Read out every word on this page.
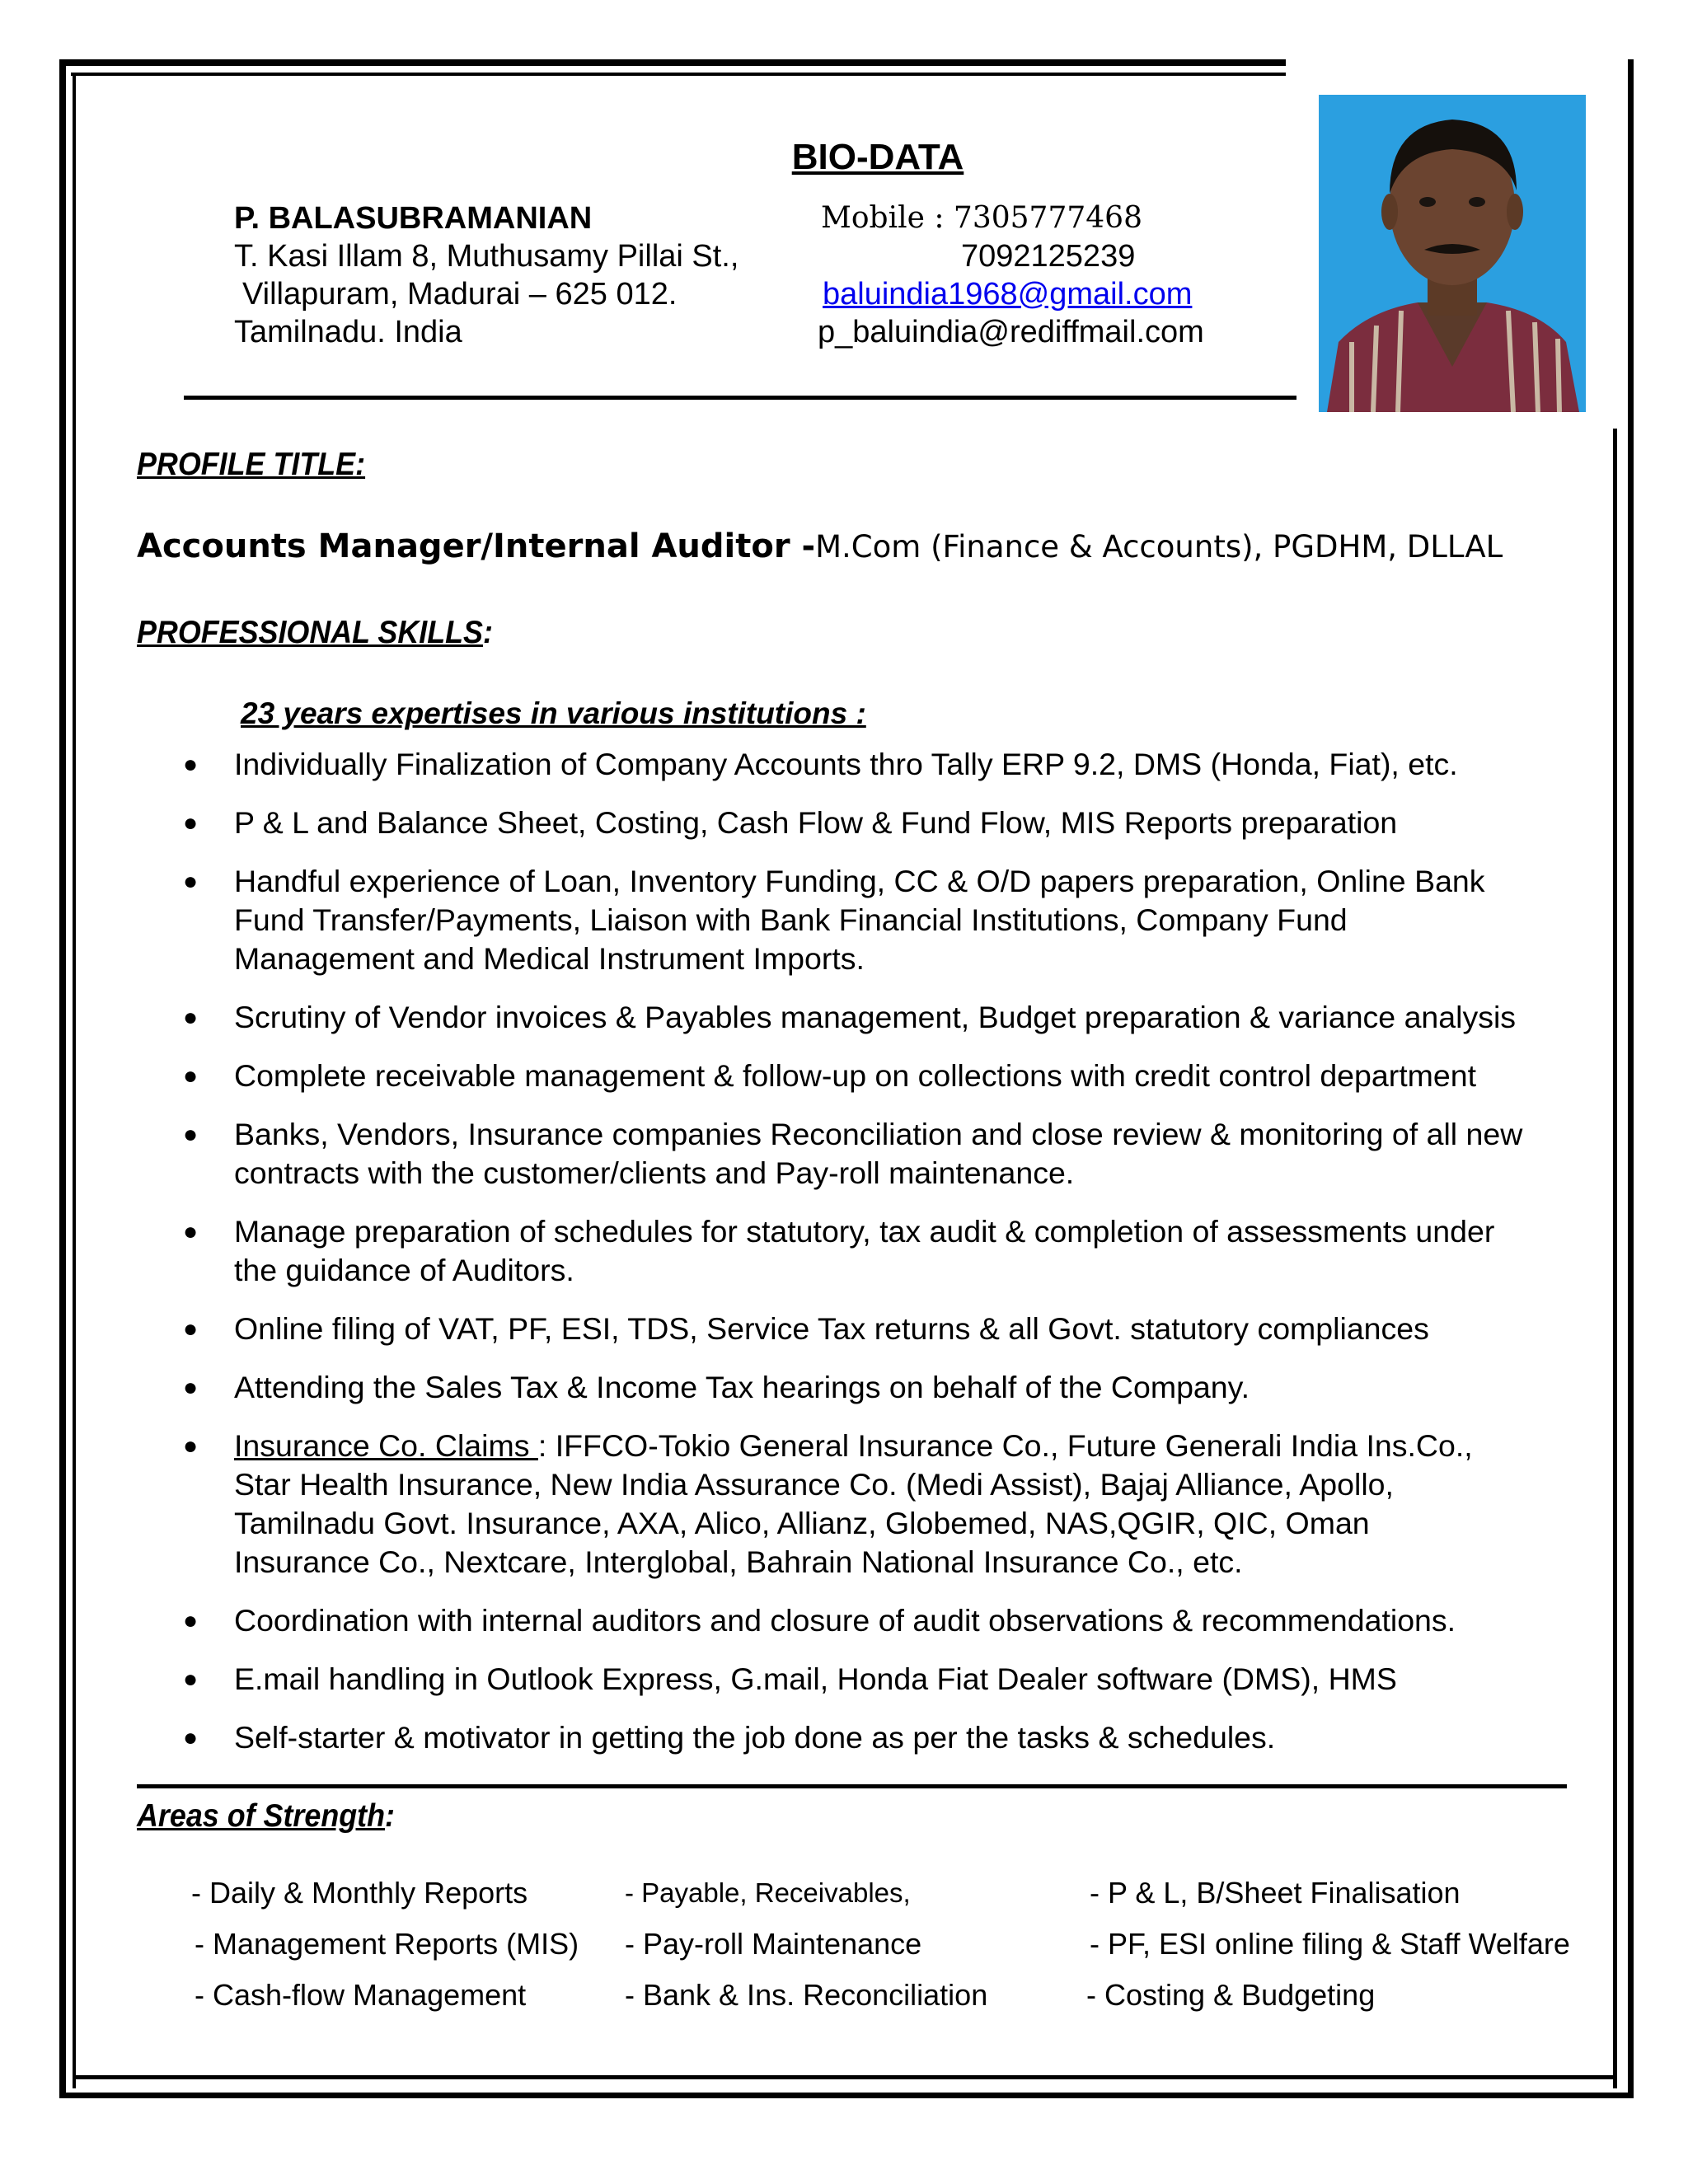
BIO-DATA
P. BALASUBRAMANIAN
T. Kasi Illam 8, Muthusamy Pillai St.,
Villapuram, Madurai – 625 012.
Tamilnadu. India
Mobile : 7305777468
7092125239
baluindia1968@gmail.com
p_baluindia@rediffmail.com
PROFILE TITLE:
Accounts Manager/Internal Auditor -M.Com (Finance & Accounts), PGDHM, DLLAL
PROFESSIONAL SKILLS:
23 years expertises in various institutions :
● Individually Finalization of Company Accounts thro Tally ERP 9.2, DMS (Honda, Fiat), etc.
● P & L and Balance Sheet, Costing, Cash Flow & Fund Flow, MIS Reports preparation
● Handful experience of Loan, Inventory Funding, CC & O/D papers preparation, Online Bank Fund Transfer/Payments, Liaison with Bank Financial Institutions, Company Fund Management and Medical Instrument Imports.
● Scrutiny of Vendor invoices & Payables management, Budget preparation & variance analysis
● Complete receivable management & follow-up on collections with credit control department
● Banks, Vendors, Insurance companies Reconciliation and close review & monitoring of all new contracts with the customer/clients and Pay-roll maintenance.
● Manage preparation of schedules for statutory, tax audit & completion of assessments under the guidance of Auditors.
● Online filing of VAT, PF, ESI, TDS, Service Tax returns & all Govt. statutory compliances
● Attending the Sales Tax & Income Tax hearings on behalf of the Company.
● Insurance Co. Claims : IFFCO-Tokio General Insurance Co., Future Generali India Ins.Co., Star Health Insurance, New India Assurance Co. (Medi Assist), Bajaj Alliance, Apollo, Tamilnadu Govt. Insurance, AXA, Alico, Allianz, Globemed, NAS,QGIR, QIC, Oman Insurance Co., Nextcare, Interglobal, Bahrain National Insurance Co., etc.
● Coordination with internal auditors and closure of audit observations & recommendations.
● E.mail handling in Outlook Express, G.mail, Honda Fiat Dealer software (DMS), HMS
● Self-starter & motivator in getting the job done as per the tasks & schedules.
Areas of Strength:
- Daily & Monthly Reports
- Management Reports (MIS)
- Cash-flow Management
- Payable, Receivables,
- Pay-roll Maintenance
- Bank & Ins. Reconciliation
- P & L, B/Sheet Finalisation
- PF, ESI online filing & Staff Welfare
- Costing & Budgeting
